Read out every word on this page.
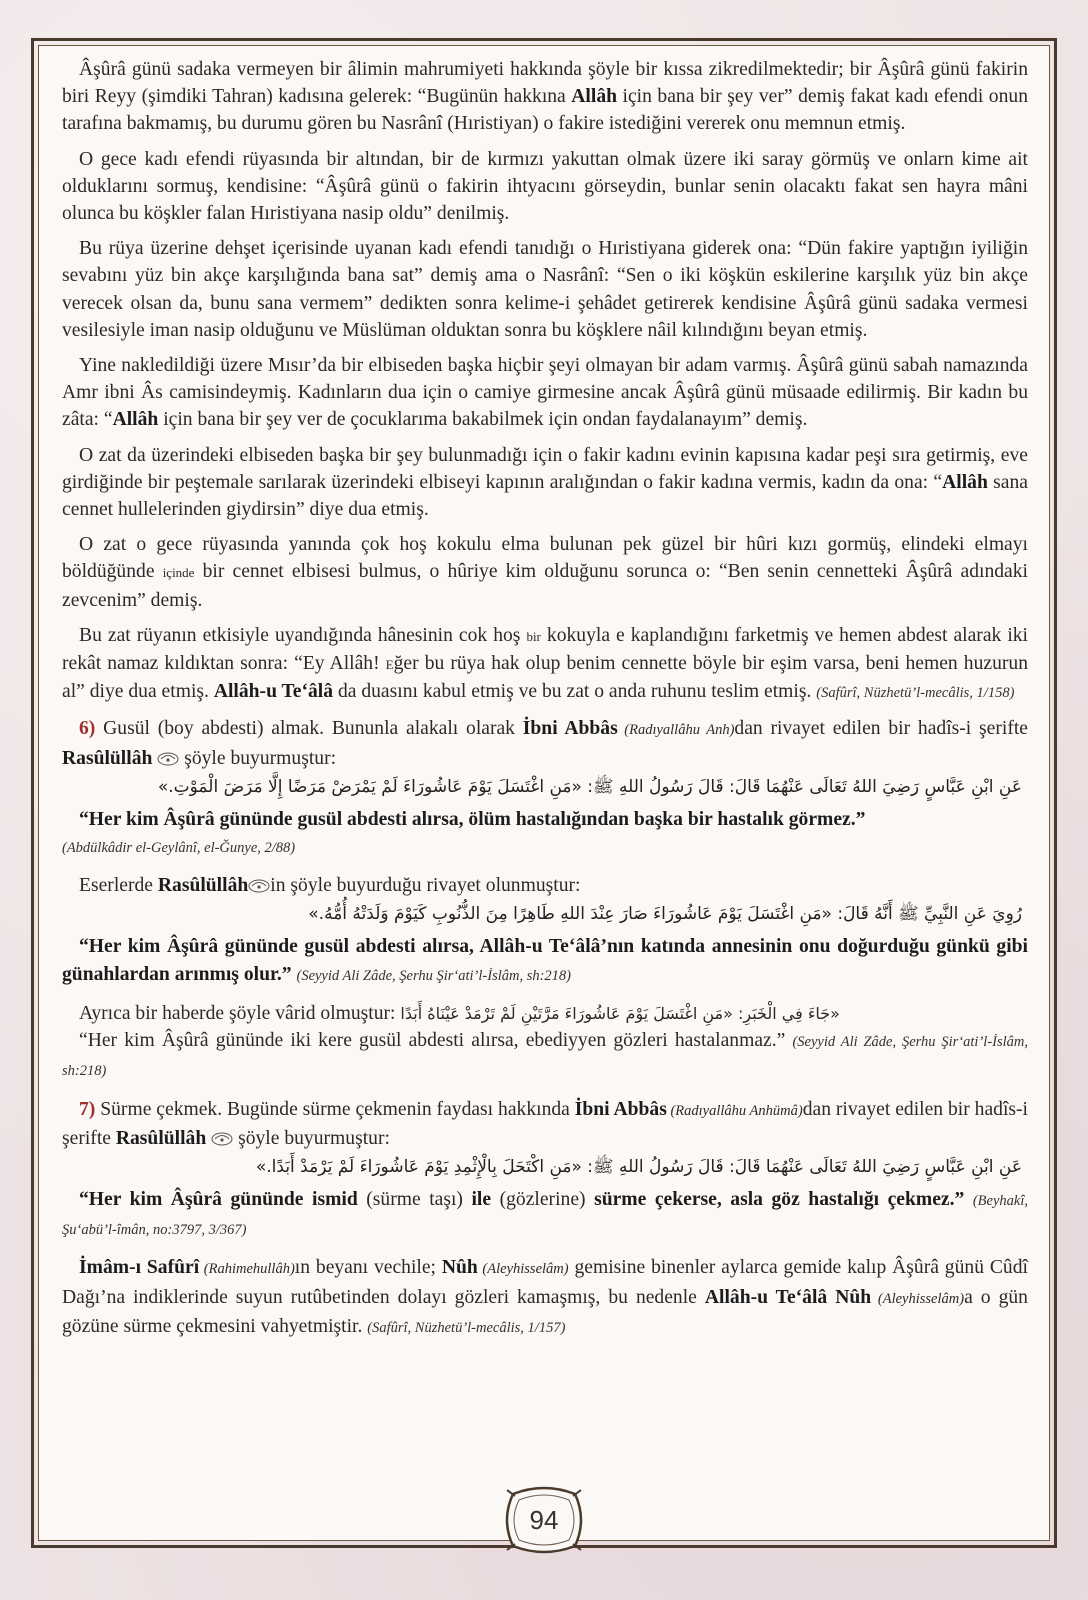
Âşûrâ günü sadaka vermeyen bir âlimin mahrumiyeti hakkında şöyle bir kıssa zikredilmektedir; bir Âşûrâ günü fakirin biri Reyy (şimdiki Tahran) kadısına gelerek: “Bugünün hakkına Allâh için bana bir şey ver” demiş fakat kadı efendi onun tarafına bakmamış, bu durumu gören bu Nasrânî (Hıristiyan) o fakire istediğini vererek onu memnun etmiş.

O gece kadı efendi rüyasında bir altından, bir de kırmızı yakuttan olmak üzere iki saray görmüş ve onlarn kime ait olduklarını sormuş, kendisine: “Âşûrâ günü o fakirin ihtyacını görseydin, bunlar senin olacaktı fakat sen hayra mâni olunca bu köşkler falan Hıristiyana nasip oldu” denilmiş.

Bu rüya üzerine dehşet içerisinde uyanan kadı efendi tanıdığı o Hıristiyana giderek ona: “Dün fakire yaptığın iyiliğin sevabını yüz bin akçe karşılığında bana sat” demiş ama o Nasrânî: “Sen o iki köşkün eskilerine karşılık yüz bin akçe verecek olsan da, bunu sana vermem” dedikten sonra kelime-i şehâdet getirerek kendisine Âşûrâ günü sadaka vermesi vesilesiyle iman nasip olduğunu ve Müslüman olduktan sonra bu köşklere nâil kılındığını beyan etmiş.

Yine nakledildiği üzere Mısır’da bir elbiseden başka hiçbir şeyi olmayan bir adam varmış. Âşûrâ günü sabah namazında Amr ibni Âs camisindeymiş. Kadınların dua için o camiye girmesine ancak Âşûrâ günü müsaade edilirmiş. Bir kadın bu zâta: “Allâh için bana bir şey ver de çocuklarıma bakabilmek için ondan faydalanayım” demiş.

O zat da üzerindeki elbiseden başka bir şey bulunmadığı için o fakir kadını evinin kapısına kadar peşi sıra getirmiş, eve girdiğinde bir peştemale sarılarak üzerindeki elbiseyi kapının aralığından o fakir kadına vermis, kadın da ona: “Allâh sana cennet hullelerinden giydirsin” diye dua etmiş.

O zat o gece rüyasında yanında çok hoş kokulu elma bulunan pek güzel bir hûri kızı gormüş, elindeki elmayı böldüğünde içinde bir cennet elbisesi bulmus, o hûriye kim olduğunu sorunca o: “Ben senin cennetteki Âşûrâ adındaki zevcenim” demiş.

Bu zat rüyanın etkisiyle uyandığında hânesinin cok hoş bir kokuyla e kaplandığını farketmiş ve hemen abdest alarak iki rekât namaz kıldıktan sonra: “Ey Allâh! Eğer bu rüya hak olup benim cennette böyle bir eşim varsa, beni hemen huzurun al” diye dua etmiş. Allâh-u Te‘âlâ da duasını kabul etmiş ve bu zat o anda ruhunu teslim etmiş. (Safûrî, Nüzhetü’l-mecâlis, 1/158)

6) Gusül (boy abdesti) almak. Bununla alakalı olarak İbni Abbâs (Radıyallâhu Anh)dan rivayet edilen bir hadîs-i şerifte Rasûlüllâh  şöyle buyurmuştur:

عَنِ ابْنِ عَبَّاسٍ رَضِيَ اللهُ تَعَالَى عَنْهُمَا قَالَ: قَالَ رَسُولُ اللهِ ﷺ: «مَنِ اغْتَسَلَ يَوْمَ عَاشُورَاءَ لَمْ يَمْرَضْ مَرَضًا إِلَّا مَرَضَ الْمَوْتِ.»

“Her kim Âşûrâ gününde gusül abdesti alırsa, ölüm hastalığından başka bir hastalık görmez.”

(Abdülkâdir el-Geylânî, el-Ğunye, 2/88)

Eserlerde Rasûlüllâh in şöyle buyurduğu rivayet olunmuştur:

رُوِيَ عَنِ النَّبِيِّ ﷺ أَنَّهُ قَالَ: «مَنِ اغْتَسَلَ يَوْمَ عَاشُورَاءَ صَارَ عِنْدَ اللهِ طَاهِرًا مِنَ الذُّنُوبِ كَيَوْمَ وَلَدَتْهُ أُمُّهُ.»

“Her kim Âşûrâ gününde gusül abdesti alırsa, Allâh-u Te‘âlâ’nın katında annesinin onu doğurduğu günkü gibi günahlardan arınmış olur.” (Seyyid Ali Zâde, Şerhu Şir‘ati’l-İslâm, sh:218)

Ayrıca bir haberde şöyle vârid olmuştur: «جَاءَ فِي الْخَبَرِ: «مَنِ اغْتَسَلَ يَوْمَ عَاشُورَاءَ مَرَّتَيْنِ لَمْ تَرْمَدْ عَيْنَاهُ أَبَدًا

“Her kim Âşûrâ gününde iki kere gusül abdesti alırsa, ebediyyen gözleri hastalanmaz.” (Seyyid Ali Zâde, Şerhu Şir‘ati’l-İslâm, sh:218)

7) Sürme çekmek. Bugünde sürme çekmenin faydası hakkında İbni Abbâs (Radıyallâhu Anhümâ)dan rivayet edilen bir hadîs-i şerifte Rasûlüllâh  şöyle buyurmuştur:

عَنِ ابْنِ عَبَّاسٍ رَضِيَ اللهُ تَعَالَى عَنْهُمَا قَالَ: قَالَ رَسُولُ اللهِ ﷺ: «مَنِ اكْتَحَلَ بِالْإِثْمِدِ يَوْمَ عَاشُورَاءَ لَمْ يَرْمَدْ أَبَدًا.»

“Her kim Âşûrâ gününde ismid (sürme taşı) ile (gözlerine) sürme çekerse, asla göz hastalığı çekmez.” (Beyhakî, Şu‘abü’l-îmân, no:3797, 3/367)

İmâm-ı Safûrî (Rahimehullâh)ın beyanı vechile; Nûh (Aleyhisselâm) gemisine binenler aylarca gemide kalıp Âşûrâ günü Cûdî Dağı’na indiklerinde suyun rutûbetinden dolayı gözleri kamaşmış, bu nedenle Allâh-u Te‘âlâ Nûh (Aleyhisselâm)a o gün gözüne sürme çekmesini vahyetmiştir. (Safûrî, Nüzhetü’l-mecâlis, 1/157)

94
